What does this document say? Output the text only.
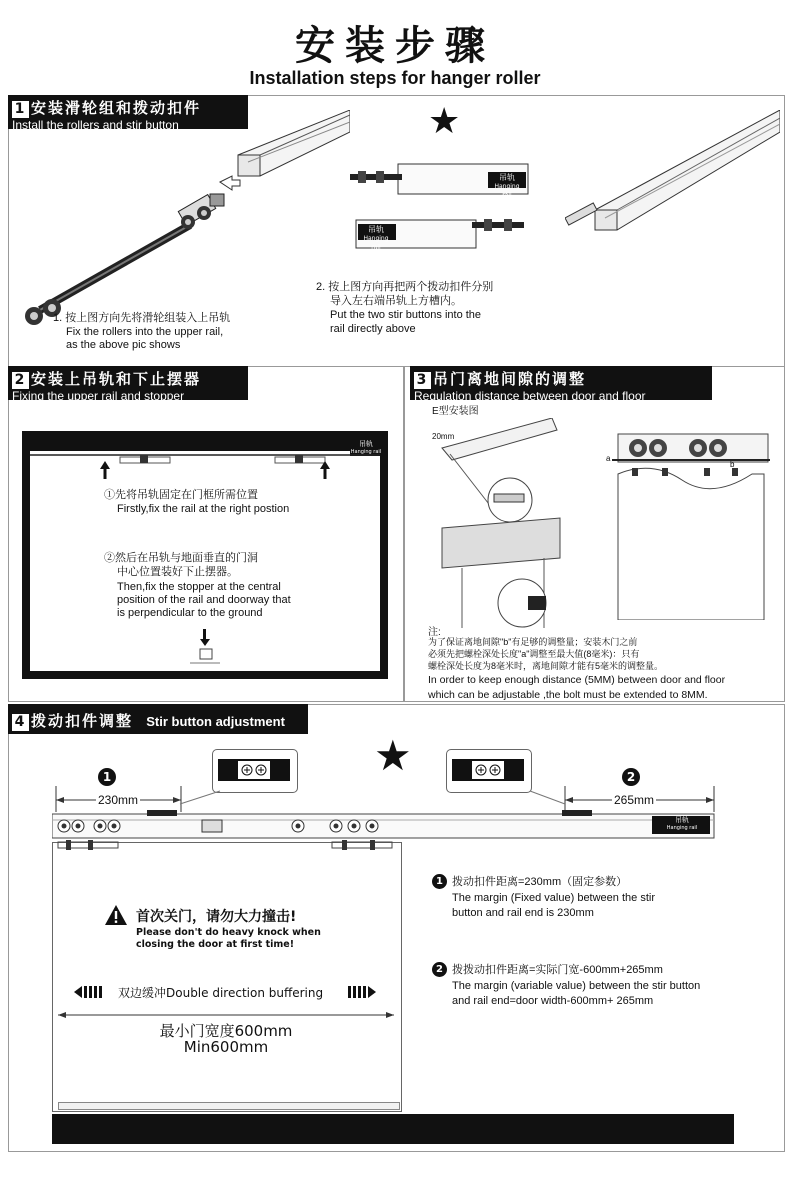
安装步骤
Installation steps for hanger roller
1 安装滑轮组和拨动扣件
Install the rollers and stir button
1. 按上图方向先将滑轮组装入上吊轨
Fix the rollers into the upper rail,
as the above pic shows
★
吊轨
Hanging rail
吊轨
Hanging rail
2. 按上图方向再把两个拨动扣件分别
导入左右端吊轨上方槽内。
Put the two stir buttons into the
rail directly above
2 安装上吊轨和下止摆器
Fixing the upper rail and stopper
吊轨
Hanging rail
①先将吊轨固定在门框所需位置
Firstly,fix the rail at the right postion
②然后在吊轨与地面垂直的门洞
中心位置装好下止摆器。
Then,fix the stopper at the central
position of the rail and doorway that
is perpendicular to the ground
3 吊门离地间隙的调整
Regulation distance between door and floor
E型安装图
20mm
a
b
注:
为了保证离地间隙"b"有足够的调整量；安装木门之前
必须先把螺栓深处长度"a"调整至最大值(8毫米)：只有
螺栓深处长度为8毫米时，离地间隙才能有5毫米的调整量。
In order to keep enough distance (5MM) between door and floor
which can be adjustable ,the bolt must be extended to 8MM.
4 拨动扣件调整 Stir button adjustment
★
1	2
230mm	265mm
吊轨
Hanging rail
首次关门，请勿大力撞击!
Please don't do heavy knock when
closing the door at first time!
双边缓冲Double direction buffering
最小门宽度600mm
Min600mm
1 拨动扣件距离=230mm（固定参数）
The margin (Fixed value) between the stir
button and rail end is 230mm
2 拨拨动扣件距离=实际门宽-600mm+265mm
The margin (variable value) between the stir button
and rail end=door width-600mm+ 265mm
